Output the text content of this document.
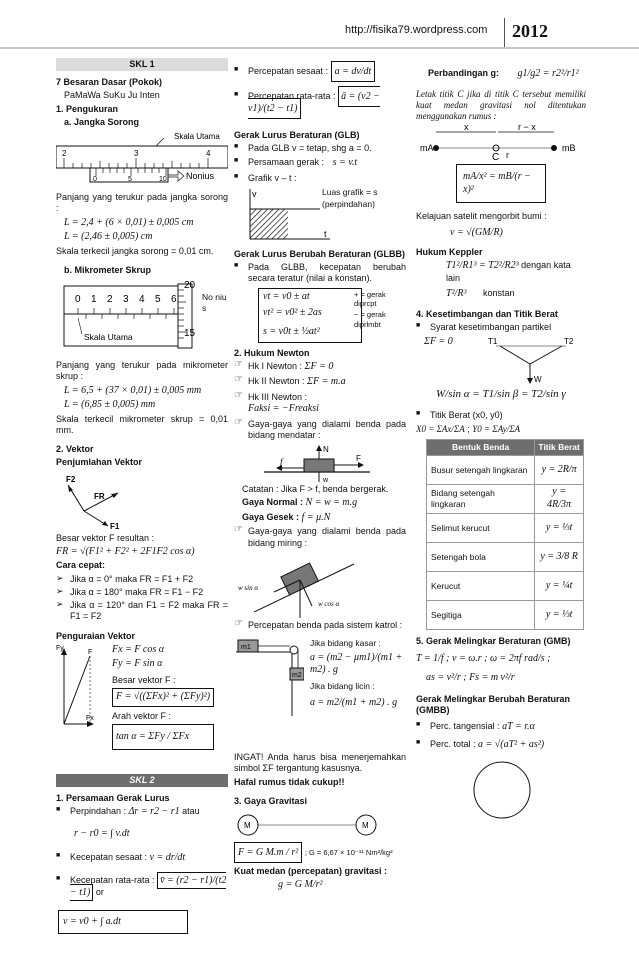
http://fisika79.wordpress.com 2012
SKL 1

7 Besaran Dasar (Pokok)

PaMaWa SuKu Ju Inten

1. Pengukuran

a. Jangka Sorong

Skala Utama
2	3	4
0	5	10 Nonius

Panjang yang terukur pada jangka sorong :

L = 2,4 + (6 × 0,01) ± 0,005 cm

L = (2,46 ± 0,005) cm

Skala terkecil jangka sorong = 0,01 cm.

b. Mikrometer Skrup

0 1 2 3 4 5 6
20
15
Skala Utama
No niu s

Panjang yang terukur pada mikrometer skrup :

L = 6,5 + (37 × 0,01) ± 0,005 mm

L = (6,85 ± 0,005) mm

Skala terkecil mikrometer skrup = 0,01 mm.

2. Vektor

Penjumlahan Vektor

F1
F2
FR

Besar vektor F resultan :

FR = √(F1² + F2² + 2F1F2 cos α)

Cara cepat:

➢ Jika α = 0° maka FR = F1 + F2
➢ Jika α = 180° maka FR = F1 − F2
➢ Jika α = 120° dan F1 = F2 maka FR = F1 = F2

Penguraian Vektor

Fy
Fx
F Fx = F cos α

Fy = F sin α

Besar vektor F :

F = √((ΣFx)² + (ΣFy)²)

Arah vektor F :

tan α = ΣFy / ΣFx

SKL 2

1. Persamaan Gerak Lurus

■ Perpindahan : Δr = r2 − r1 atau

r − r0 = ∫ v.dt

■ Kecepatan sesaat : v = dr/dt
■ Kecepatan rata-rata : v̄ = (r2 − r1)/(t2 − t1) or

v = v0 + ∫ a.dt

■ Percepatan sesaat : a = dv/dt
■ Percepatan rata-rata : ā = (v2 − v1)/(t2 − t1)

Gerak Lurus Beraturan (GLB)

■ Pada GLB v = tetap, shg a = 0.
■ Persamaan gerak : s = v.t
■ Grafik v – t :
v
t

Luas grafik = s

(perpindahan)

Gerak Lurus Berubah Beraturan (GLBB)

■ Pada GLBB, kecepatan berubah secara teratur (nilai a konstan).

vt = v0 ± at

vt² = v0² ± 2as

s = v0t ± ½at²

+ = gerak diprcpt

− = gerak diprlmbt

2. Hukum Newton

☞ Hk I Newton : ΣF = 0
☞ Hk II Newton : ΣF = m.a
☞ Hk III Newton :
Faksi = −Freaksi
☞ Gaya-gaya yang dialami benda pada bidang mendatar :
N
F
f
w

Catatan : Jika F > f, benda bergerak.

Gaya Normal : N = w = m.g

Gaya Gesek : f = μ.N

☞ Gaya-gaya yang dialami benda pada bidang miring :
w sin α
w cos α
☞ Percepatan benda pada sistem katrol :
m1
m2

Jika bidang kasar :

a = (m2 − μm1)/(m1 + m2) . g

Jika bidang licin :

a = m2/(m1 + m2) . g

INGAT! Anda harus bisa menerjemahkan simbol ΣF tergantung kasusnya.

Hafal rumus tidak cukup!!

3. Gaya Gravitasi

M	M

F = G M.m / r² ; G = 6,67 × 10⁻¹¹ Nm²/kg²

Kuat medan (percepatan) gravitasi :

g = G M/r²

Perbandingan g: g1/g2 = r2²/r1²

Letak titik C jika di titik C tersebut memiliki kuat medan gravitasi nol ditentukan menggunakan rumus :

x	r − x
mA	mB
C r

mA/x² = mB/(r − x)²

Kelajuan satelit mengorbit bumi :

v = √(GM/R)

Hukum Keppler

T1²/R1³ = T2²/R2³ dengan kata lain

T²/R³ konstan

4. Kesetimbangan dan Titik Berat

■ Syarat kesetimbangan partikel

ΣF = 0	T1	T2
W

W/sin α = T1/sin β = T2/sin γ

■ Titik Berat (x0, y0)

X0 = ΣAx/ΣA ; Y0 = ΣAy/ΣA

Bentuk Benda	Titik Berat
Busur setengah lingkaran	y = 2R/π
Bidang setengah lingkaran	y = 4R/3π
Selimut kerucut	y = ⅓t
Setengah bola	y = 3/8 R
Kerucut	y = ¼t
Segitiga	y = ⅓t

5. Gerak Melingkar Beraturan (GMB)

T = 1/f ; v = ω.r ; ω = 2πf rad/s ;

as = v²/r ; Fs = m v²/r

Gerak Melingkar Berubah Beraturan (GMBB)

■ Perc. tangensial : aT = r.α
■ Perc. total : a = √(aT² + as²)
